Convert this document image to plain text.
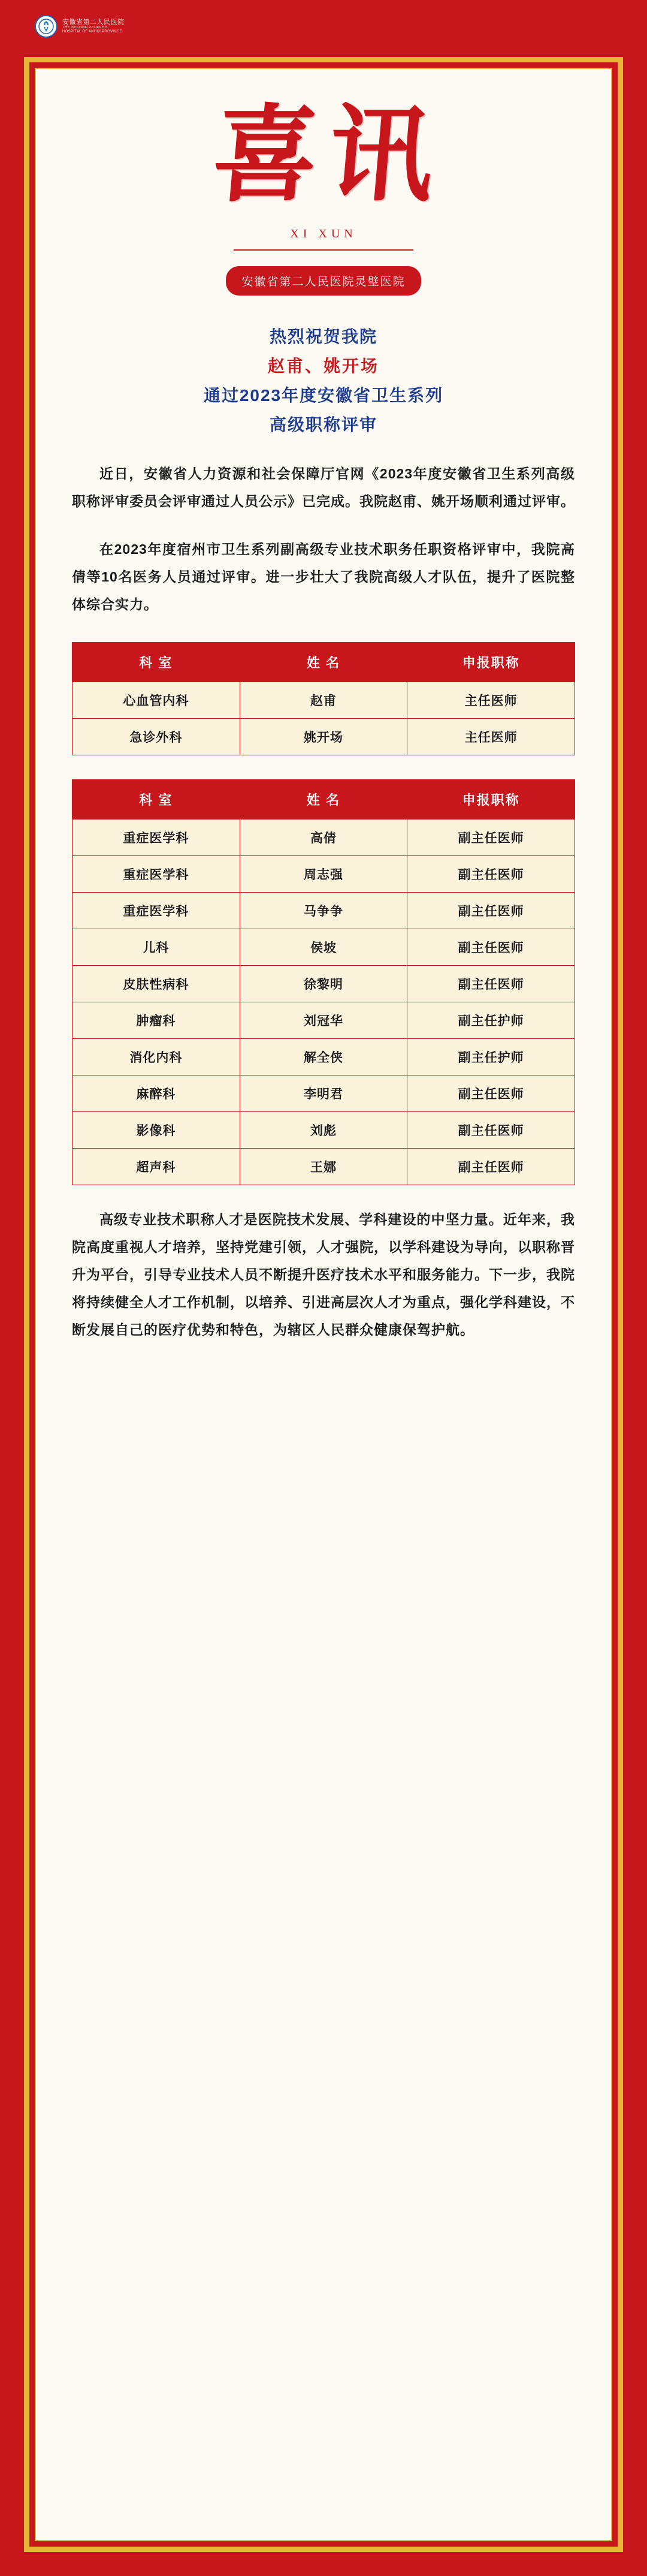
安徽省第二人民医院
THE SECOND PEOPLE'S HOSPITAL OF ANHUI PROVINCE
喜 讯
XI XUN
安徽省第二人民医院灵璧医院
热烈祝贺我院
赵甫、姚开场
通过2023年度安徽省卫生系列
高级职称评审

近日，安徽省人力资源和社会保障厅官网《2023年度安徽省卫生系列高级职称评审委员会评审通过人员公示》已完成。我院赵甫、姚开场顺利通过评审。

在2023年度宿州市卫生系列副高级专业技术职务任职资格评审中，我院高倩等10名医务人员通过评审。进一步壮大了我院高级人才队伍，提升了医院整体综合实力。

科 室	姓 名	申报职称
心血管内科	赵甫	主任医师
急诊外科	姚开场	主任医师
科 室	姓 名	申报职称
重症医学科	高倩	副主任医师
重症医学科	周志强	副主任医师
重症医学科	马争争	副主任医师
儿科	侯坡	副主任医师
皮肤性病科	徐黎明	副主任医师
肿瘤科	刘冠华	副主任护师
消化内科	解全侠	副主任护师
麻醉科	李明君	副主任医师
影像科	刘彪	副主任医师
超声科	王娜	副主任医师

高级专业技术职称人才是医院技术发展、学科建设的中坚力量。近年来，我院高度重视人才培养，坚持党建引领，人才强院，以学科建设为导向，以职称晋升为平台，引导专业技术人员不断提升医疗技术水平和服务能力。下一步，我院将持续健全人才工作机制，以培养、引进高层次人才为重点，强化学科建设，不断发展自己的医疗优势和特色，为辖区人民群众健康保驾护航。
